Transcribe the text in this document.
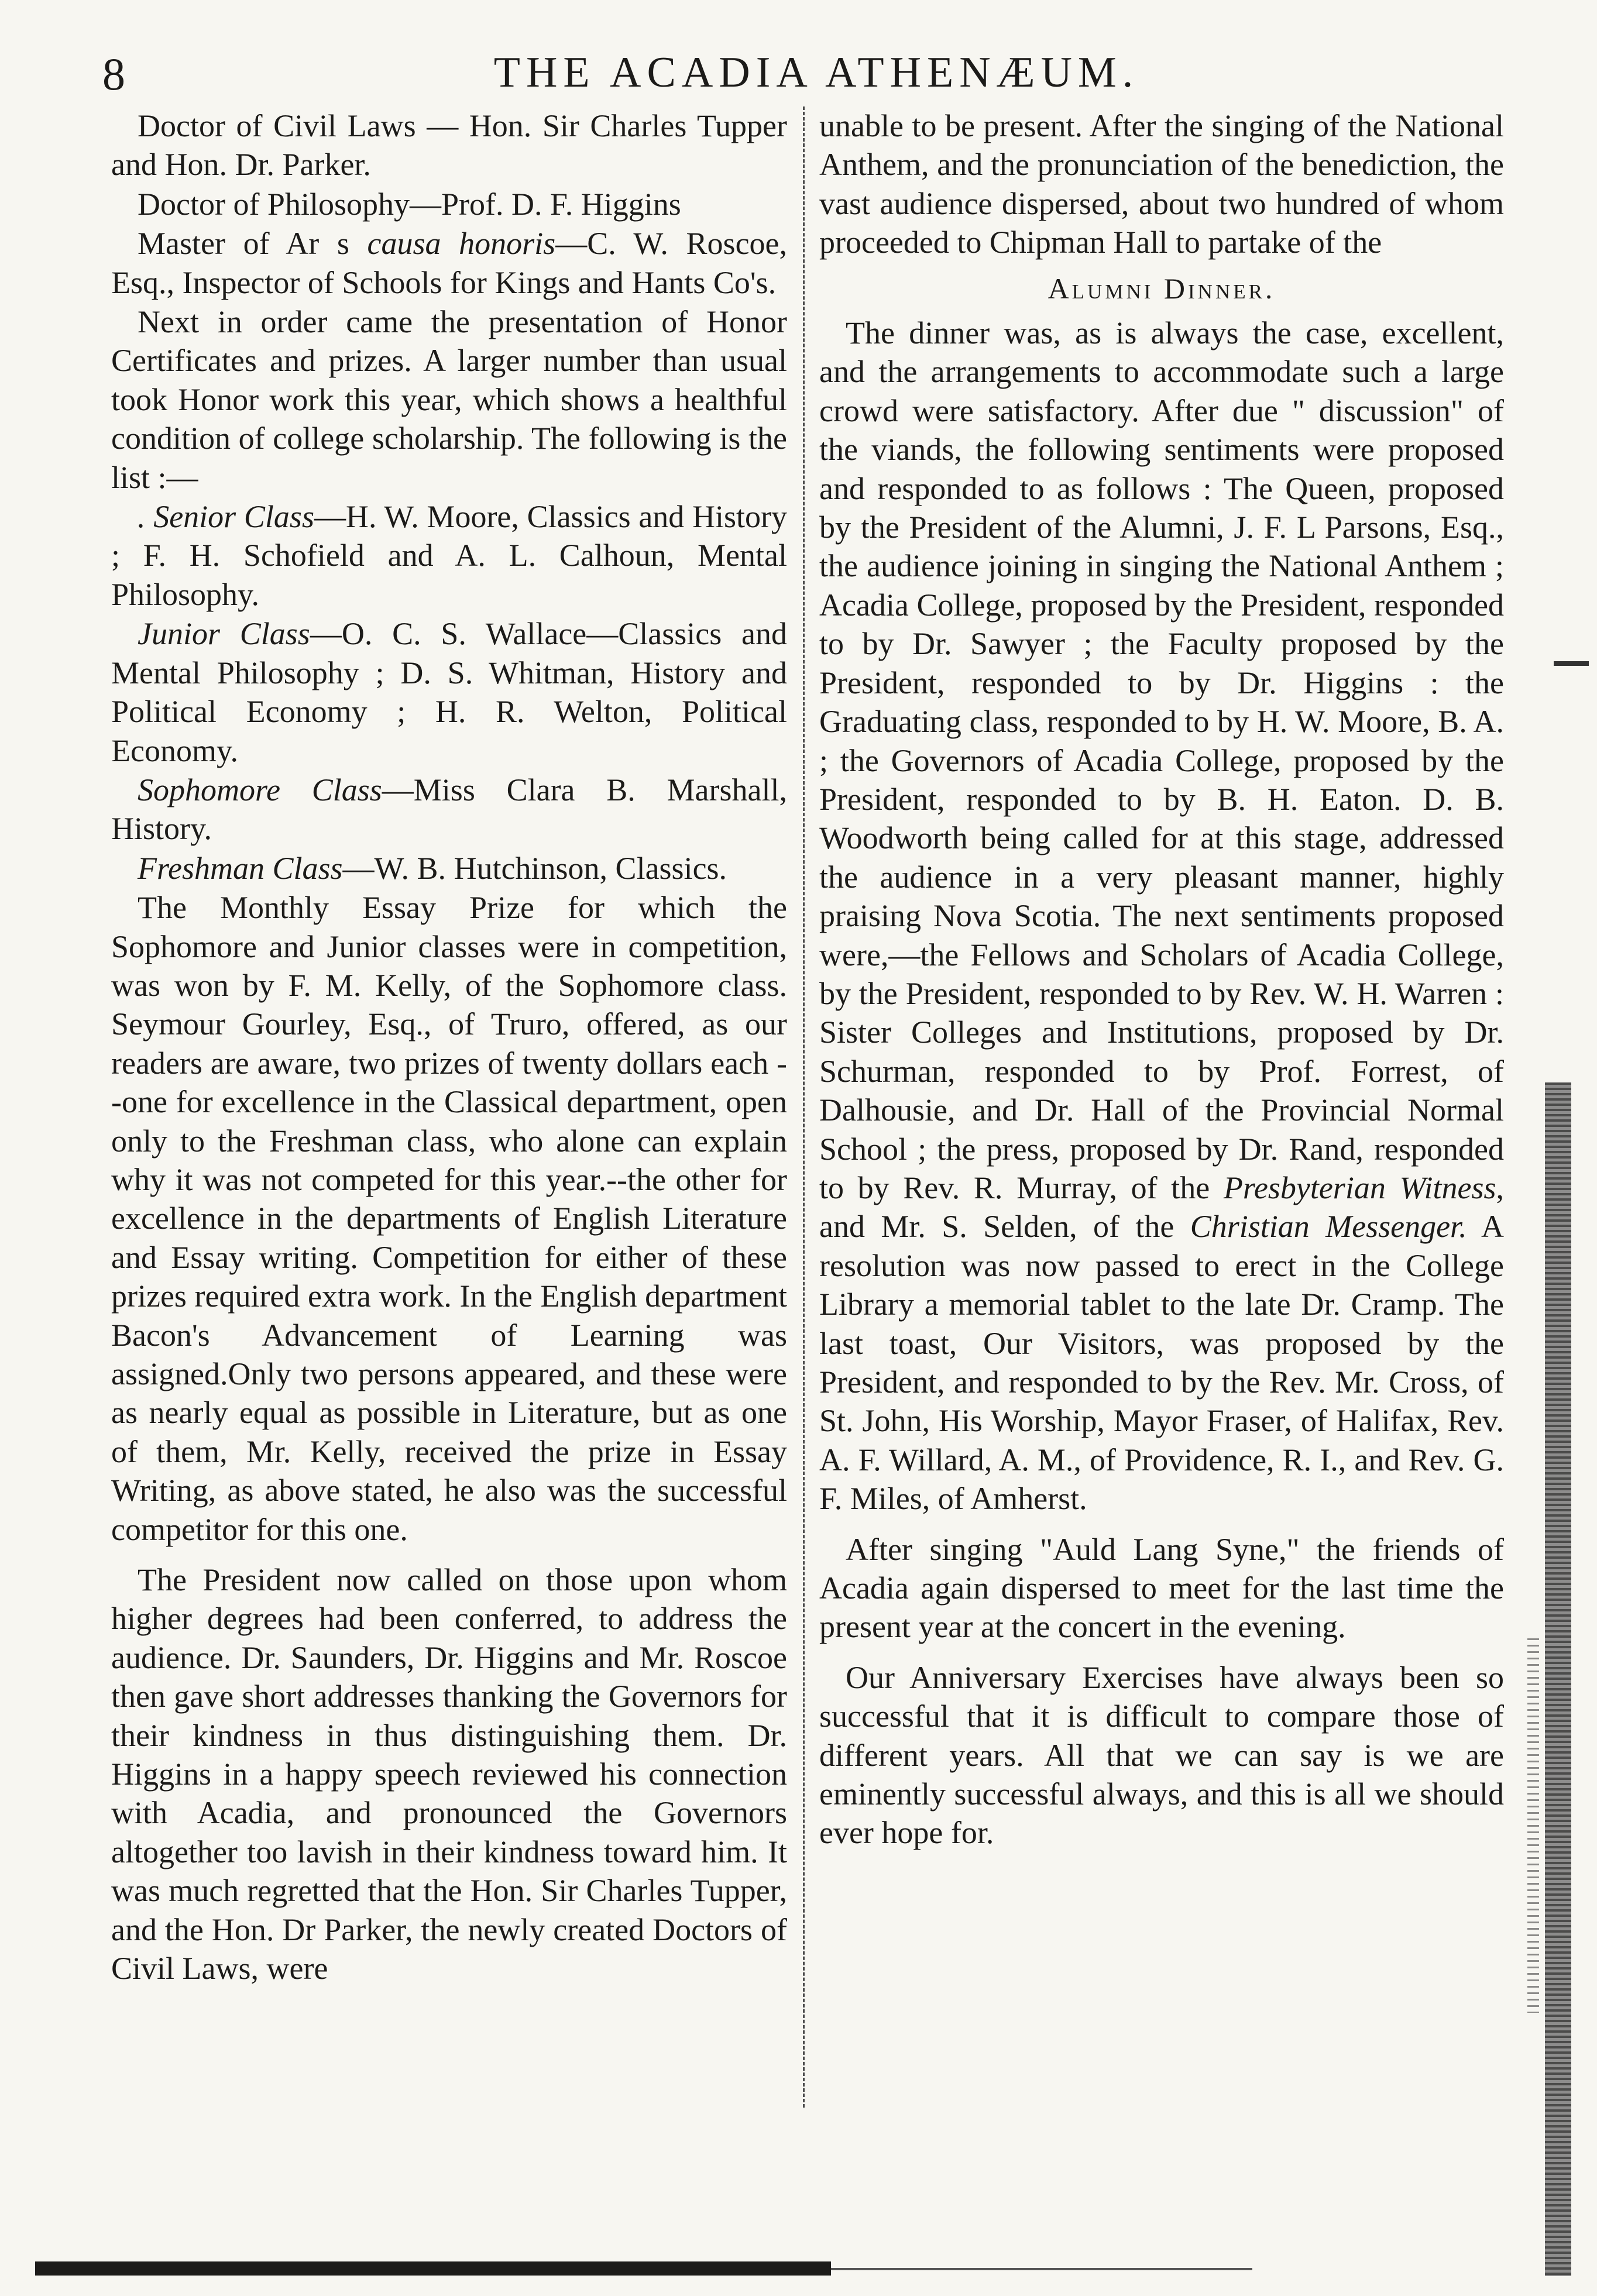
8	THE ACADIA ATHENÆUM.

Doctor of Civil Laws — Hon. Sir Charles Tupper and Hon. Dr. Parker.

Doctor of Philosophy—Prof. D. F. Higgins

Master of Ar s causa honoris—C. W. Roscoe, Esq., Inspector of Schools for Kings and Hants Co's.

Next in order came the presentation of Honor Certificates and prizes. A larger number than usual took Honor work this year, which shows a healthful condition of college scholarship. The following is the list :—

. Senior Class—H. W. Moore, Classics and History ; F. H. Schofield and A. L. Calhoun, Mental Philosophy.

Junior Class—O. C. S. Wallace—Classics and Mental Philosophy ; D. S. Whitman, History and Political Economy ; H. R. Welton, Political Economy.

Sophomore Class—Miss Clara B. Marshall, History.

Freshman Class—W. B. Hutchinson, Classics.

The Monthly Essay Prize for which the Sophomore and Junior classes were in competition, was won by F. M. Kelly, of the Sophomore class. Seymour Gourley, Esq., of Truro, offered, as our readers are aware, two prizes of twenty dollars each --one for excellence in the Classical department, open only to the Freshman class, who alone can explain why it was not competed for this year.--the other for excellence in the departments of English Literature and Essay writing. Competition for either of these prizes required extra work. In the English department Bacon's Advancement of Learning was assigned.Only two persons appeared, and these were as nearly equal as possible in Literature, but as one of them, Mr. Kelly, received the prize in Essay Writing, as above stated, he also was the successful competitor for this one.

The President now called on those upon whom higher degrees had been conferred, to address the audience. Dr. Saunders, Dr. Higgins and Mr. Roscoe then gave short addresses thanking the Governors for their kindness in thus distinguishing them. Dr. Higgins in a happy speech reviewed his connection with Acadia, and pronounced the Governors altogether too lavish in their kindness toward him. It was much regretted that the Hon. Sir Charles Tupper, and the Hon. Dr Parker, the newly created Doctors of Civil Laws, were

unable to be present. After the singing of the National Anthem, and the pronunciation of the benediction, the vast audience dispersed, about two hundred of whom proceeded to Chipman Hall to partake of the

Alumni Dinner.

The dinner was, as is always the case, excellent, and the arrangements to accommodate such a large crowd were satisfactory. After due " discussion" of the viands, the following sentiments were proposed and responded to as follows : The Queen, proposed by the President of the Alumni, J. F. L Parsons, Esq., the audience joining in singing the National Anthem ; Acadia College, proposed by the President, responded to by Dr. Sawyer ; the Faculty proposed by the President, responded to by Dr. Higgins : the Graduating class, responded to by H. W. Moore, B. A. ; the Governors of Acadia College, proposed by the President, responded to by B. H. Eaton. D. B. Woodworth being called for at this stage, addressed the audience in a very pleasant manner, highly praising Nova Scotia. The next sentiments proposed were,—the Fellows and Scholars of Acadia College, by the President, responded to by Rev. W. H. Warren : Sister Colleges and Institutions, proposed by Dr. Schurman, responded to by Prof. Forrest, of Dalhousie, and Dr. Hall of the Provincial Normal School ; the press, proposed by Dr. Rand, responded to by Rev. R. Murray, of the Presbyterian Witness, and Mr. S. Selden, of the Christian Messenger. A resolution was now passed to erect in the College Library a memorial tablet to the late Dr. Cramp. The last toast, Our Visitors, was proposed by the President, and responded to by the Rev. Mr. Cross, of St. John, His Worship, Mayor Fraser, of Halifax, Rev. A. F. Willard, A. M., of Providence, R. I., and Rev. G. F. Miles, of Amherst.

After singing "Auld Lang Syne," the friends of Acadia again dispersed to meet for the last time the present year at the concert in the evening.

Our Anniversary Exercises have always been so successful that it is difficult to compare those of different years. All that we can say is we are eminently successful always, and this is all we should ever hope for.
